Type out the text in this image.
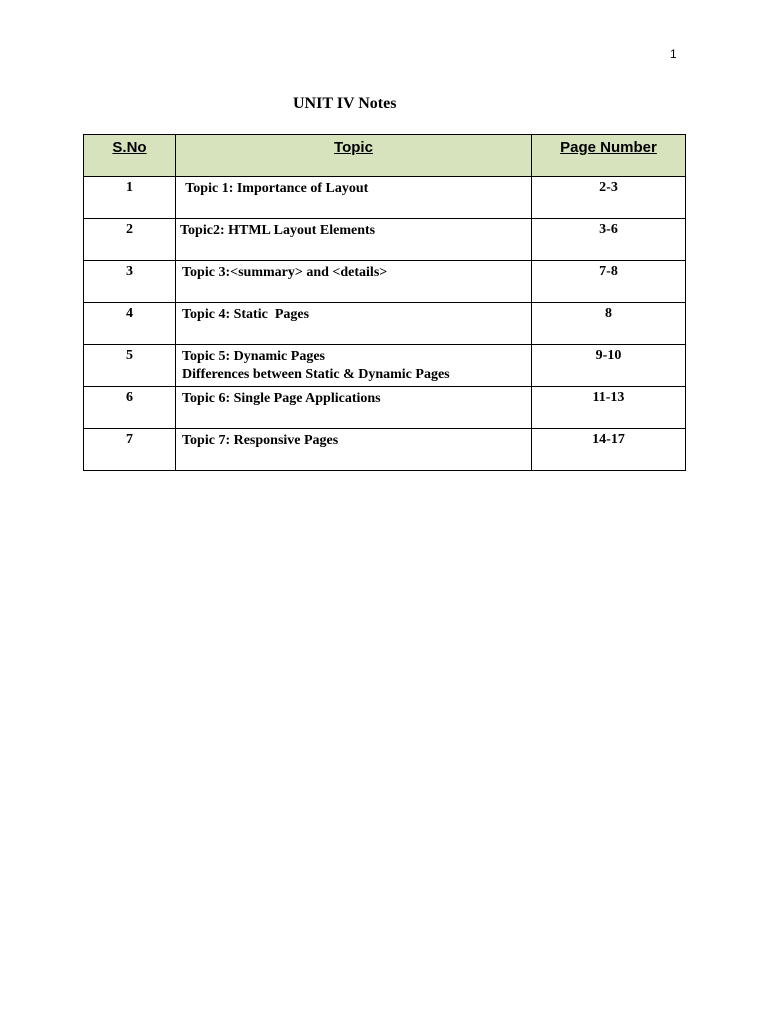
1
UNIT IV Notes
S.No	Topic	Page Number
1	Topic 1: Importance of Layout	2-3
2	Topic2: HTML Layout Elements	3-6
3	Topic 3:<summary> and <details>	7-8
4	Topic 4: Static  Pages	8
5	Topic 5: Dynamic Pages
Differences between Static & Dynamic Pages	9-10
6	Topic 6: Single Page Applications	11-13
7	Topic 7: Responsive Pages	14-17
